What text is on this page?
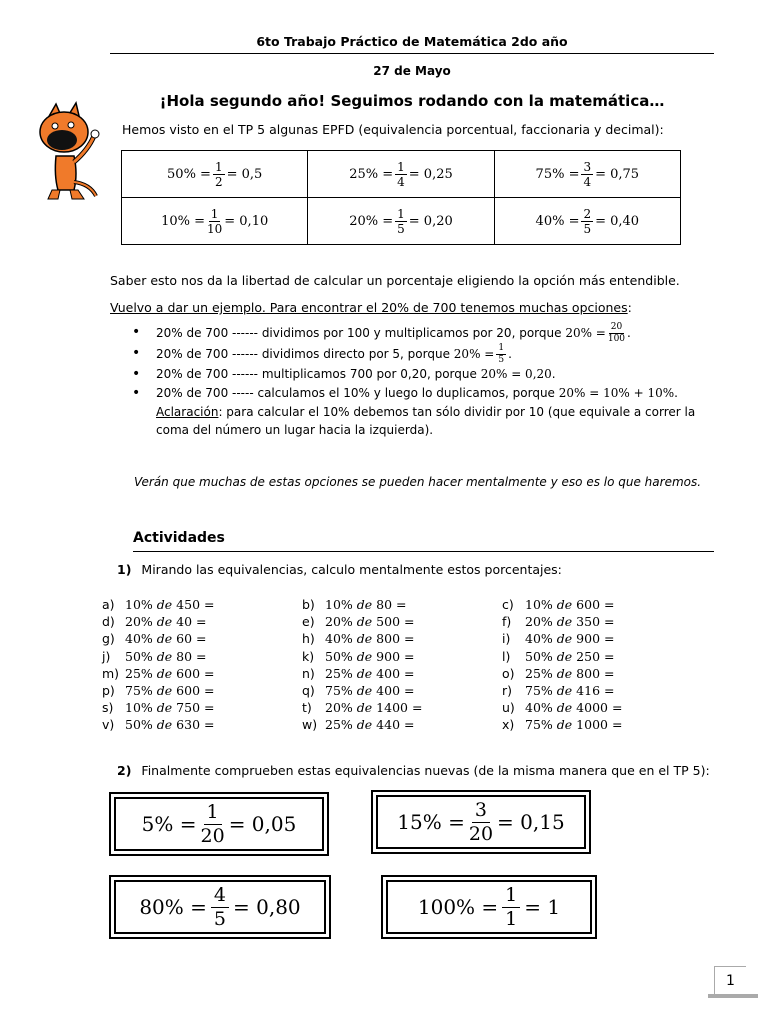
6to Trabajo Práctico de Matemática 2do año
27 de Mayo
¡Hola segundo año! Seguimos rodando con la matemática…
Hemos visto en el TP 5 algunas EPFD (equivalencia porcentual, faccionaria y decimal):
$50\% = \frac{1}{2} = 0,5$	$25\% = \frac{1}{4} = 0,25$	$75\% = \frac{3}{4} = 0,75$
$10\% = \frac{1}{10} = 0,10$	$20\% = \frac{1}{5} = 0,20$	$40\% = \frac{2}{5} = 0,40$
Saber esto nos da la libertad de calcular un porcentaje eligiendo la opción más entendible.
Vuelvo a dar un ejemplo. Para encontrar el 20% de 700 tenemos muchas opciones:
• 20% de 700 ------ dividimos por 100 y multiplicamos por 20, porque $20\% = \frac{20}{100}$ .
• 20% de 700 ------ dividimos directo por 5, porque $20\% = \frac{1}{5}$ .
• 20% de 700 ------ multiplicamos 700 por 0,20, porque 20% = 0,20.
• 20% de 700 ----- calculamos el 10% y luego lo duplicamos, porque 20% = 10% + 10%.
Aclaración: para calcular el 10% debemos tan sólo dividir por 10 (que equivale a correr la coma del número un lugar hacia la izquierda).
Verán que muchas de estas opciones se pueden hacer mentalmente y eso es lo que haremos.
Actividades
1) Mirando las equivalencias, calculo mentalmente estos porcentajes:
a) 10% de 450 =	b) 10% de 80 =	c) 10% de 600 =
d) 20% de 40 =	e) 20% de 500 =	f) 20% de 350 =
g) 40% de 60 =	h) 40% de 800 =	i) 40% de 900 =
j) 50% de 80 =	k) 50% de 900 =	l) 50% de 250 =
m) 25% de 600 =	n) 25% de 400 =	o) 25% de 800 =
p) 75% de 600 =	q) 75% de 400 =	r) 75% de 416 =
s) 10% de 750 =	t) 20% de 1400 =	u) 40% de 4000 =
v) 50% de 630 =	w) 25% de 440 =	x) 75% de 1000 =
2) Finalmente comprueben estas equivalencias nuevas (de la misma manera que en el TP 5):
$5\% = \frac{1}{20} = 0,05$	$15\% = \frac{3}{20} = 0,15$
$80\% = \frac{4}{5} = 0,80$	$100\% = \frac{1}{1} = 1$
1
